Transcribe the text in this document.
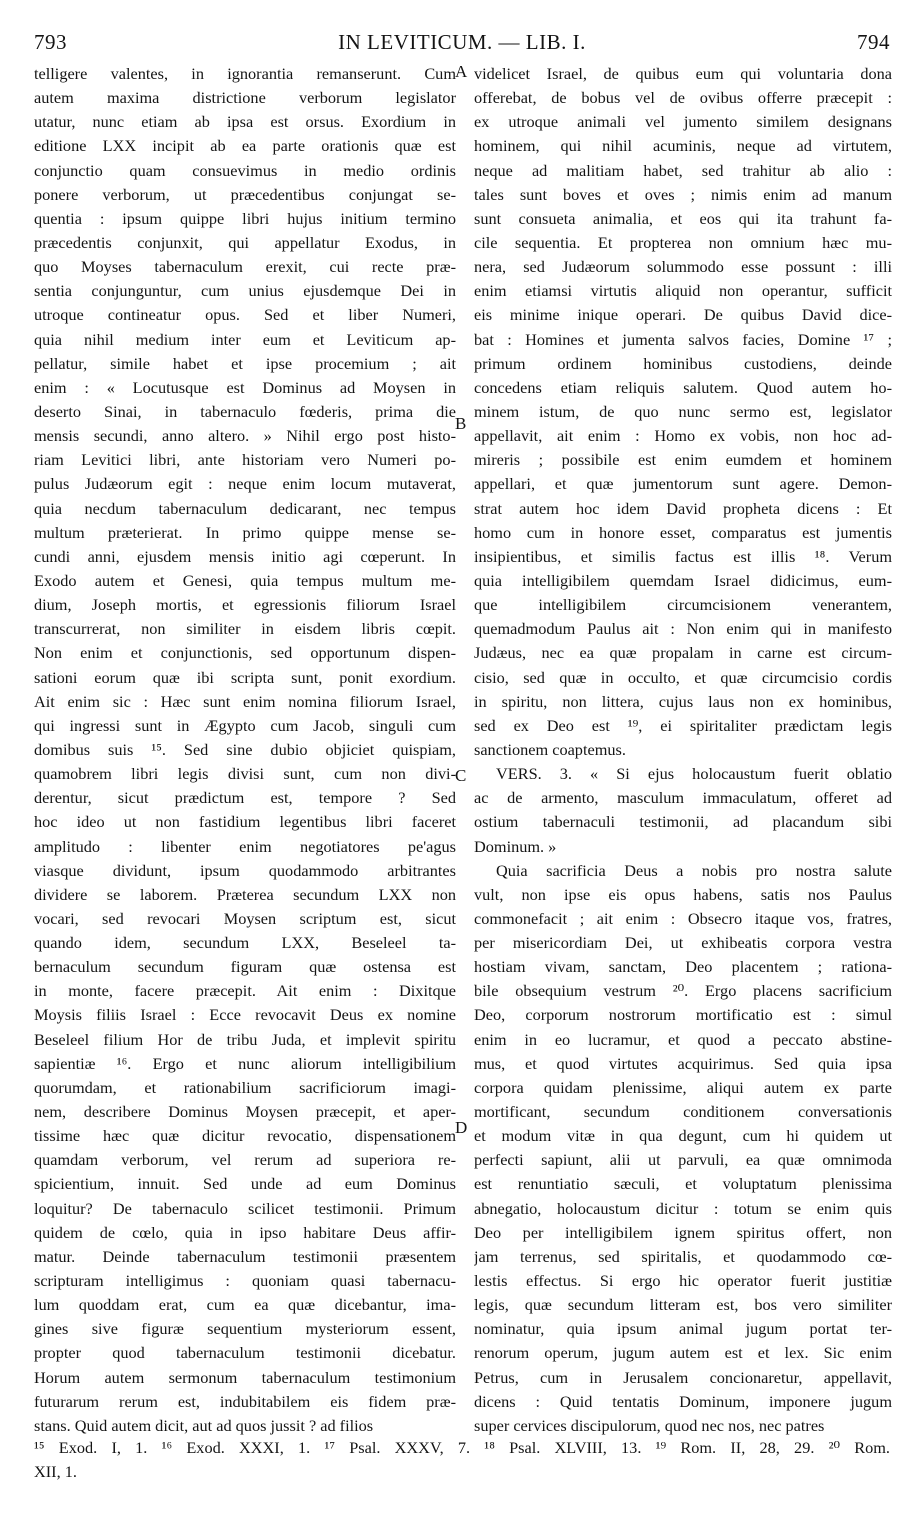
793	IN LEVITICUM. — LIB. I.	794
A
B
C
D
telligere valentes, in ignorantia remanserunt. Cum
autem maxima districtione verborum legislator
utatur, nunc etiam ab ipsa est orsus. Exordium in
editione LXX incipit ab ea parte orationis quæ est
conjunctio quam consuevimus in medio ordinis
ponere verborum, ut præcedentibus conjungat se-
quentia : ipsum quippe libri hujus initium termino
præcedentis conjunxit, qui appellatur Exodus, in
quo Moyses tabernaculum erexit, cui recte præ-
sentia conjunguntur, cum unius ejusdemque Dei in
utroque contineatur opus. Sed et liber Numeri,
quia nihil medium inter eum et Leviticum ap-
pellatur, simile habet et ipse procemium ; ait
enim : « Locutusque est Dominus ad Moysen in
deserto Sinai, in tabernaculo fœderis, prima die
mensis secundi, anno altero. » Nihil ergo post histo-
riam Levitici libri, ante historiam vero Numeri po-
pulus Judæorum egit : neque enim locum mutaverat,
quia necdum tabernaculum dedicarant, nec tempus
multum præterierat. In primo quippe mense se-
cundi anni, ejusdem mensis initio agi cœperunt. In
Exodo autem et Genesi, quia tempus multum me-
dium, Joseph mortis, et egressionis filiorum Israel
transcurrerat, non similiter in eisdem libris cœpit.
Non enim et conjunctionis, sed opportunum dispen-
sationi eorum quæ ibi scripta sunt, ponit exordium.
Ait enim sic : Hæc sunt enim nomina filiorum Israel,
qui ingressi sunt in Ægypto cum Jacob, singuli cum
domibus suis ¹⁵. Sed sine dubio objiciet quispiam,
quamobrem libri legis divisi sunt, cum non divi-
derentur, sicut prædictum est, tempore ? Sed
hoc ideo ut non fastidium legentibus libri faceret
amplitudo : libenter enim negotiatores pe'agus
viasque dividunt, ipsum quodammodo arbitrantes
dividere se laborem. Præterea secundum LXX non
vocari, sed revocari Moysen scriptum est, sicut
quando idem, secundum LXX, Beseleel ta-
bernaculum secundum figuram quæ ostensa est
in monte, facere præcepit. Ait enim : Dixitque
Moysis filiis Israel : Ecce revocavit Deus ex nomine
Beseleel filium Hor de tribu Juda, et implevit spiritu
sapientiæ ¹⁶. Ergo et nunc aliorum intelligibilium
quorumdam, et rationabilium sacrificiorum imagi-
nem, describere Dominus Moysen præcepit, et aper-
tissime hæc quæ dicitur revocatio, dispensationem
quamdam verborum, vel rerum ad superiora re-
spicientium, innuit. Sed unde ad eum Dominus
loquitur? De tabernaculo scilicet testimonii. Primum
quidem de cœlo, quia in ipso habitare Deus affir-
matur. Deinde tabernaculum testimonii præsentem
scripturam intelligimus : quoniam quasi tabernacu-
lum quoddam erat, cum ea quæ dicebantur, ima-
gines sive figuræ sequentium mysteriorum essent,
propter quod tabernaculum testimonii dicebatur.
Horum autem sermonum tabernaculum testimonium
futurarum rerum est, indubitabilem eis fidem præ-
stans. Quid autem dicit, aut ad quos jussit ? ad filios
videlicet Israel, de quibus eum qui voluntaria dona
offerebat, de bobus vel de ovibus offerre præcepit :
ex utroque animali vel jumento similem designans
hominem, qui nihil acuminis, neque ad virtutem,
neque ad malitiam habet, sed trahitur ab alio :
tales sunt boves et oves ; nimis enim ad manum
sunt consueta animalia, et eos qui ita trahunt fa-
cile sequentia. Et propterea non omnium hæc mu-
nera, sed Judæorum solummodo esse possunt : illi
enim etiamsi virtutis aliquid non operantur, sufficit
eis minime inique operari. De quibus David dice-
bat : Homines et jumenta salvos facies, Domine ¹⁷ ;
primum ordinem hominibus custodiens, deinde
concedens etiam reliquis salutem. Quod autem ho-
minem istum, de quo nunc sermo est, legislator
appellavit, ait enim : Homo ex vobis, non hoc ad-
mireris ; possibile est enim eumdem et hominem
appellari, et quæ jumentorum sunt agere. Demon-
strat autem hoc idem David propheta dicens : Et
homo cum in honore esset, comparatus est jumentis
insipientibus, et similis factus est illis ¹⁸. Verum
quia intelligibilem quemdam Israel didicimus, eum-
que intelligibilem circumcisionem venerantem,
quemadmodum Paulus ait : Non enim qui in manifesto
Judæus, nec ea quæ propalam in carne est circum-
cisio, sed quæ in occulto, et quæ circumcisio cordis
in spiritu, non littera, cujus laus non ex hominibus,
sed ex Deo est ¹⁹, ei spiritaliter prædictam legis
sanctionem coaptemus.
VERS. 3. « Si ejus holocaustum fuerit oblatio
ac de armento, masculum immaculatum, offeret ad
ostium tabernaculi testimonii, ad placandum sibi
Dominum. »
Quia sacrificia Deus a nobis pro nostra salute
vult, non ipse eis opus habens, satis nos Paulus
commonefacit ; ait enim : Obsecro itaque vos, fratres,
per misericordiam Dei, ut exhibeatis corpora vestra
hostiam vivam, sanctam, Deo placentem ; rationa-
bile obsequium vestrum ²⁰. Ergo placens sacrificium
Deo, corporum nostrorum mortificatio est : simul
enim in eo lucramur, et quod a peccato abstine-
mus, et quod virtutes acquirimus. Sed quia ipsa
corpora quidam plenissime, aliqui autem ex parte
mortificant, secundum conditionem conversationis
et modum vitæ in qua degunt, cum hi quidem ut
perfecti sapiunt, alii ut parvuli, ea quæ omnimoda
est renuntiatio sæculi, et voluptatum plenissima
abnegatio, holocaustum dicitur : totum se enim quis
Deo per intelligibilem ignem spiritus offert, non
jam terrenus, sed spiritalis, et quodammodo cœ-
lestis effectus. Si ergo hic operator fuerit justitiæ
legis, quæ secundum litteram est, bos vero similiter
nominatur, quia ipsum animal jugum portat ter-
renorum operum, jugum autem est et lex. Sic enim
Petrus, cum in Jerusalem concionaretur, appellavit,
dicens : Quid tentatis Dominum, imponere jugum
super cervices discipulorum, quod nec nos, nec patres
¹⁵ Exod. I, 1. ¹⁶ Exod. XXXI, 1. ¹⁷ Psal. XXXV, 7. ¹⁸ Psal. XLVIII, 13. ¹⁹ Rom. II, 28, 29. ²⁰ Rom.
XII, 1.
